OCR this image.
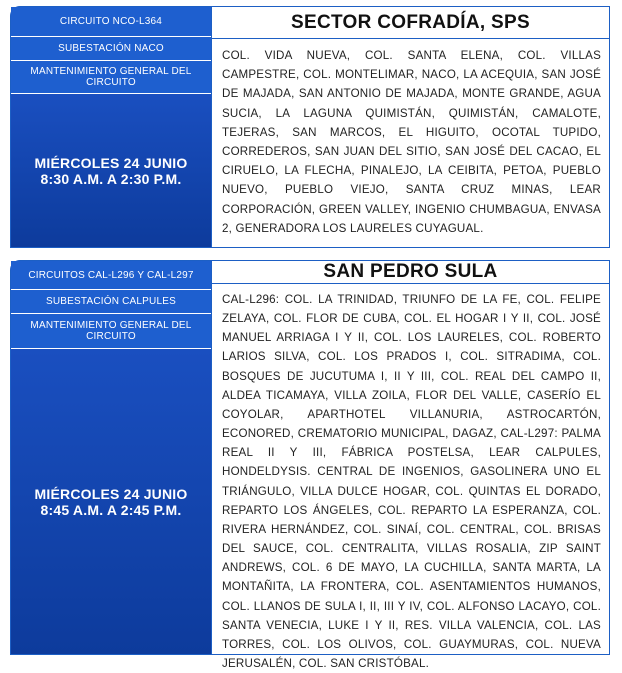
CIRCUITO NCO-L364
SUBESTACIÓN NACO
MANTENIMIENTO GENERAL DEL CIRCUITO
MIÉRCOLES 24 JUNIO
8:30 A.M. A 2:30 P.M.
SECTOR COFRADÍA, SPS
COL. VIDA NUEVA, COL. SANTA ELENA, COL. VILLAS CAMPESTRE, COL. MONTELIMAR, NACO, LA ACEQUIA, SAN JOSÉ DE MAJADA, SAN ANTONIO DE MAJADA, MONTE GRANDE, AGUA SUCIA, LA LAGUNA QUIMISTÁN, QUIMISTÁN, CAMALOTE, TEJERAS, SAN MARCOS, EL HIGUITO, OCOTAL TUPIDO, CORREDEROS, SAN JUAN DEL SITIO, SAN JOSÉ DEL CACAO, EL CIRUELO, LA FLECHA, PINALEJO, LA CEIBITA, PETOA, PUEBLO NUEVO, PUEBLO VIEJO, SANTA CRUZ MINAS, LEAR CORPORACIÓN, GREEN VALLEY, INGENIO CHUMBAGUA, ENVASA 2, GENERADORA LOS LAURELES CUYAGUAL.
CIRCUITOS CAL-L296 Y CAL-L297
SUBESTACIÓN CALPULES
MANTENIMIENTO GENERAL DEL CIRCUITO
MIÉRCOLES 24 JUNIO
8:45 A.M. A 2:45 P.M.
SAN PEDRO SULA
CAL-L296: COL. LA TRINIDAD, TRIUNFO DE LA FE, COL. FELIPE ZELAYA, COL. FLOR DE CUBA, COL. EL HOGAR I Y II, COL. JOSÉ MANUEL ARRIAGA I Y II, COL. LOS LAURELES, COL. ROBERTO LARIOS SILVA, COL. LOS PRADOS I, COL. SITRADIMA, COL. BOSQUES DE JUCUTUMA I, II Y III, COL. REAL DEL CAMPO II, ALDEA TICAMAYA, VILLA ZOILA, FLOR DEL VALLE, CASERÍO EL COYOLAR, APARTHOTEL VILLANURIA, ASTROCARTÓN, ECONORED, CREMATORIO MUNICIPAL, DAGAZ, CAL-L297: PALMA REAL II Y III, FÁBRICA POSTELSA, LEAR CALPULES, HONDELDYSIS. CENTRAL DE INGENIOS, GASOLINERA UNO EL TRIÁNGULO, VILLA DULCE HOGAR, COL. QUINTAS EL DORADO, REPARTO LOS ÁNGELES, COL. REPARTO LA ESPERANZA, COL. RIVERA HERNÁNDEZ, COL. SINAÍ, COL. CENTRAL, COL. BRISAS DEL SAUCE, COL. CENTRALITA, VILLAS ROSALIA, ZIP SAINT ANDREWS, COL. 6 DE MAYO, LA CUCHILLA, SANTA MARTA, LA MONTAÑITA, LA FRONTERA, COL. ASENTAMIENTOS HUMANOS, COL. LLANOS DE SULA I, II, III Y IV, COL. ALFONSO LACAYO, COL. SANTA VENECIA, LUKE I Y II, RES. VILLA VALENCIA, COL. LAS TORRES, COL. LOS OLIVOS, COL. GUAYMURAS, COL. NUEVA JERUSALÉN, COL. SAN CRISTÓBAL.
